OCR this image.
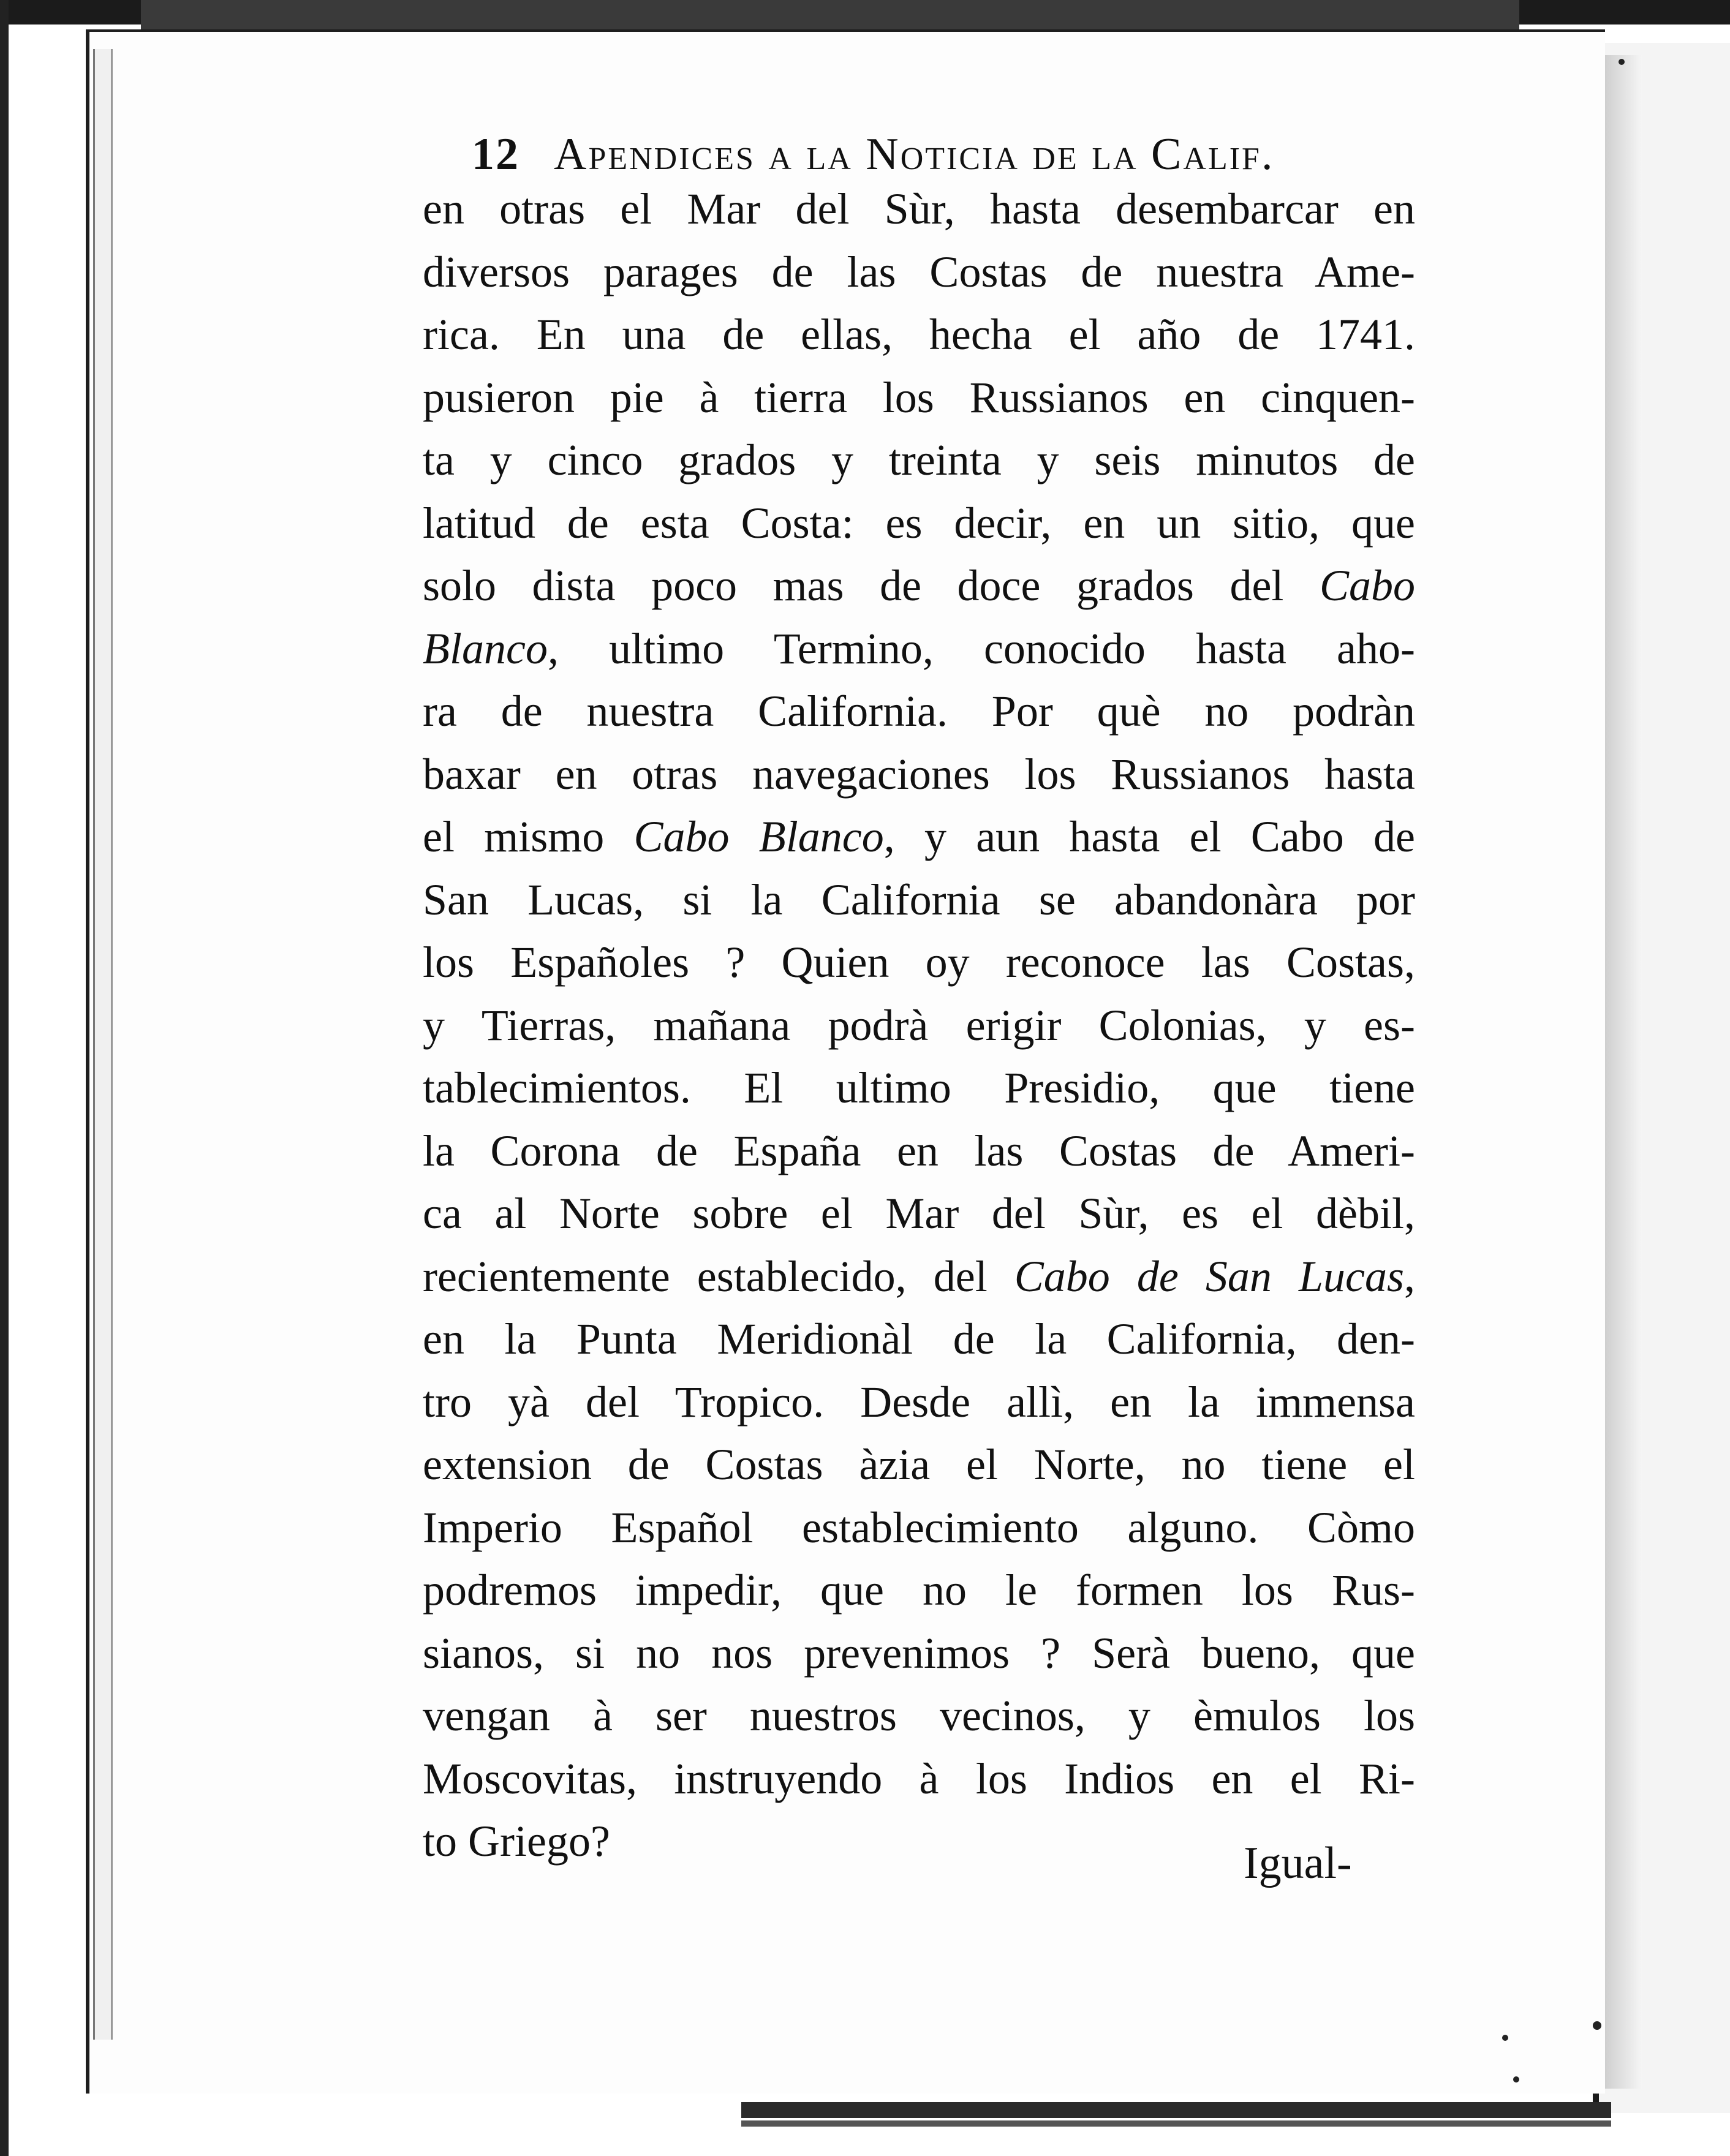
12 Apendices a la Noticia de la Calif.
en otras el Mar del Sùr, hasta desembarcar en
diversos parages de las Costas de nuestra Ame-
rica. En una de ellas, hecha el año de 1741.
pusieron pie à tierra los Russianos en cinquen-
ta y cinco grados y treinta y seis minutos de
latitud de esta Costa: es decir, en un sitio, que
solo dista poco mas de doce grados del Cabo
Blanco, ultimo Termino, conocido hasta aho-
ra de nuestra California. Por què no podràn
baxar en otras navegaciones los Russianos hasta
el mismo Cabo Blanco, y aun hasta el Cabo de
San Lucas, si la California se abandonàra por
los Españoles ? Quien oy reconoce las Costas,
y Tierras, mañana podrà erigir Colonias, y es-
tablecimientos. El ultimo Presidio, que tiene
la Corona de España en las Costas de Ameri-
ca al Norte sobre el Mar del Sùr, es el dèbil,
recientemente establecido, del Cabo de San Lucas,
en la Punta Meridionàl de la California, den-
tro yà del Tropico. Desde allì, en la immensa
extension de Costas àzia el Norte, no tiene el
Imperio Español establecimiento alguno. Còmo
podremos impedir, que no le formen los Rus-
sianos, si no nos prevenimos ? Serà bueno, que
vengan à ser nuestros vecinos, y èmulos los
Moscovitas, instruyendo à los Indios en el Ri-
to Griego?	Igual-
